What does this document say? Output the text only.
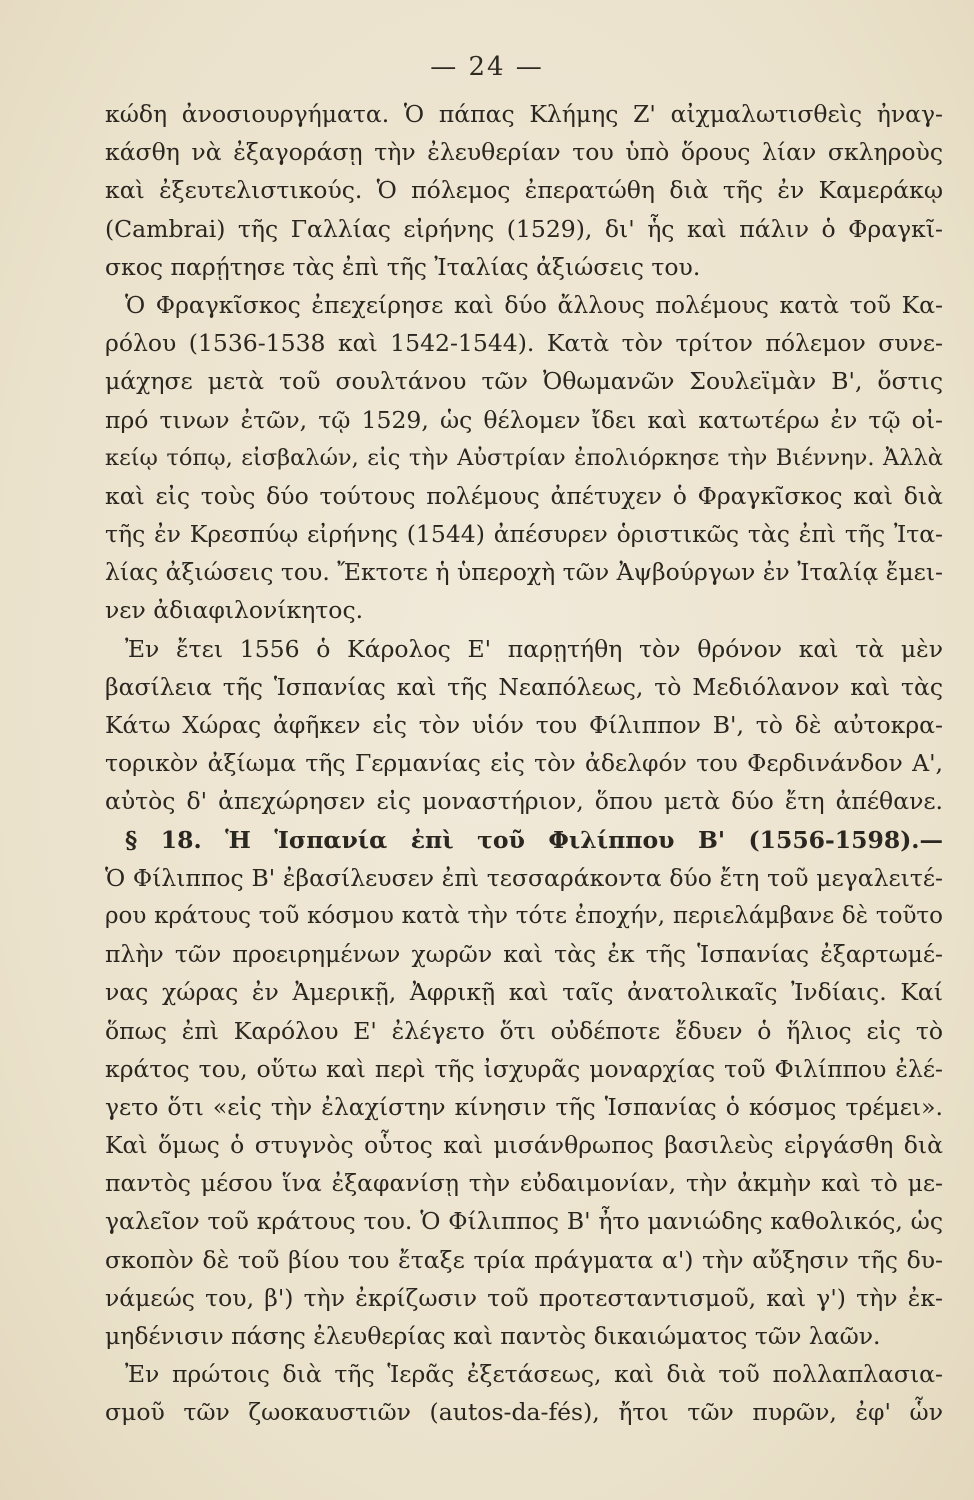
— 24 —
κώδη ἀνοσιουργήματα. Ὁ πάπας Κλήμης Ζ' αἰχμαλωτισθεὶς ἠναγ-
κάσθη νὰ ἐξαγοράσῃ τὴν ἐλευθερίαν του ὑπὸ ὅρους λίαν σκληροὺς
καὶ ἐξευτελιστικούς. Ὁ πόλεμος ἐπερατώθη διὰ τῆς ἐν Καμεράκῳ
(Cambrai) τῆς Γαλλίας εἰρήνης (1529), δι' ἧς καὶ πάλιν ὁ Φραγκῖ-
σκος παρῄτησε τὰς ἐπὶ τῆς Ἰταλίας ἀξιώσεις του.
Ὁ Φραγκῖσκος ἐπεχείρησε καὶ δύο ἄλλους πολέμους κατὰ τοῦ Κα-
ρόλου (1536-1538 καὶ 1542-1544). Κατὰ τὸν τρίτον πόλεμον συνε-
μάχησε μετὰ τοῦ σουλτάνου τῶν Ὀθωμανῶν Σουλεϊμὰν Β', ὅστις
πρό τινων ἐτῶν, τῷ 1529, ὡς θέλομεν ἴδει καὶ κατωτέρω ἐν τῷ οἰ-
κείῳ τόπῳ, εἰσβαλών, εἰς τὴν Αὐστρίαν ἐπολιόρκησε τὴν Βιέννην. Ἀλλὰ
καὶ εἰς τοὺς δύο τούτους πολέμους ἀπέτυχεν ὁ Φραγκῖσκος καὶ διὰ
τῆς ἐν Κρεσπύῳ εἰρήνης (1544) ἀπέσυρεν ὁριστικῶς τὰς ἐπὶ τῆς Ἰτα-
λίας ἀξιώσεις του. Ἔκτοτε ἡ ὑπεροχὴ τῶν Ἀψβούργων ἐν Ἰταλίᾳ ἔμει-
νεν ἀδιαφιλονίκητος.
Ἐν ἔτει 1556 ὁ Κάρολος Ε' παρῃτήθη τὸν θρόνον καὶ τὰ μὲν
βασίλεια τῆς Ἱσπανίας καὶ τῆς Νεαπόλεως, τὸ Μεδιόλανον καὶ τὰς
Κάτω Χώρας ἀφῆκεν εἰς τὸν υἱόν του Φίλιππον Β', τὸ δὲ αὐτοκρα-
τορικὸν ἀξίωμα τῆς Γερμανίας εἰς τὸν ἀδελφόν του Φερδινάνδον Α',
αὐτὸς δ' ἀπεχώρησεν εἰς μοναστήριον, ὅπου μετὰ δύο ἔτη ἀπέθανε.
§ 18. Ἡ Ἱσπανία ἐπὶ τοῦ Φιλίππου Β' (1556-1598).—
Ὁ Φίλιππος Β' ἐβασίλευσεν ἐπὶ τεσσαράκοντα δύο ἔτη τοῦ μεγαλειτέ-
ρου κράτους τοῦ κόσμου κατὰ τὴν τότε ἐποχήν, περιελάμβανε δὲ τοῦτο
πλὴν τῶν προειρημένων χωρῶν καὶ τὰς ἐκ τῆς Ἱσπανίας ἐξαρτωμέ-
νας χώρας ἐν Ἀμερικῇ, Ἀφρικῇ καὶ ταῖς ἀνατολικαῖς Ἰνδίαις. Καί
ὅπως ἐπὶ Καρόλου Ε' ἐλέγετο ὅτι οὐδέποτε ἔδυεν ὁ ἥλιος εἰς τὸ
κράτος του, οὕτω καὶ περὶ τῆς ἰσχυρᾶς μοναρχίας τοῦ Φιλίππου ἐλέ-
γετο ὅτι «εἰς τὴν ἐλαχίστην κίνησιν τῆς Ἱσπανίας ὁ κόσμος τρέμει».
Καὶ ὅμως ὁ στυγνὸς οὗτος καὶ μισάνθρωπος βασιλεὺς εἰργάσθη διὰ
παντὸς μέσου ἵνα ἐξαφανίσῃ τὴν εὐδαιμονίαν, τὴν ἀκμὴν καὶ τὸ με-
γαλεῖον τοῦ κράτους του. Ὁ Φίλιππος Β' ἦτο μανιώδης καθολικός, ὡς
σκοπὸν δὲ τοῦ βίου του ἔταξε τρία πράγματα α') τὴν αὔξησιν τῆς δυ-
νάμεώς του, β') τὴν ἐκρίζωσιν τοῦ προτεσταντισμοῦ, καὶ γ') τὴν ἐκ-
μηδένισιν πάσης ἐλευθερίας καὶ παντὸς δικαιώματος τῶν λαῶν.
Ἐν πρώτοις διὰ τῆς Ἱερᾶς ἐξετάσεως, καὶ διὰ τοῦ πολλαπλασια-
σμοῦ τῶν ζωοκαυστιῶν (autos-da-fés), ἤτοι τῶν πυρῶν, ἐφ' ὧν
